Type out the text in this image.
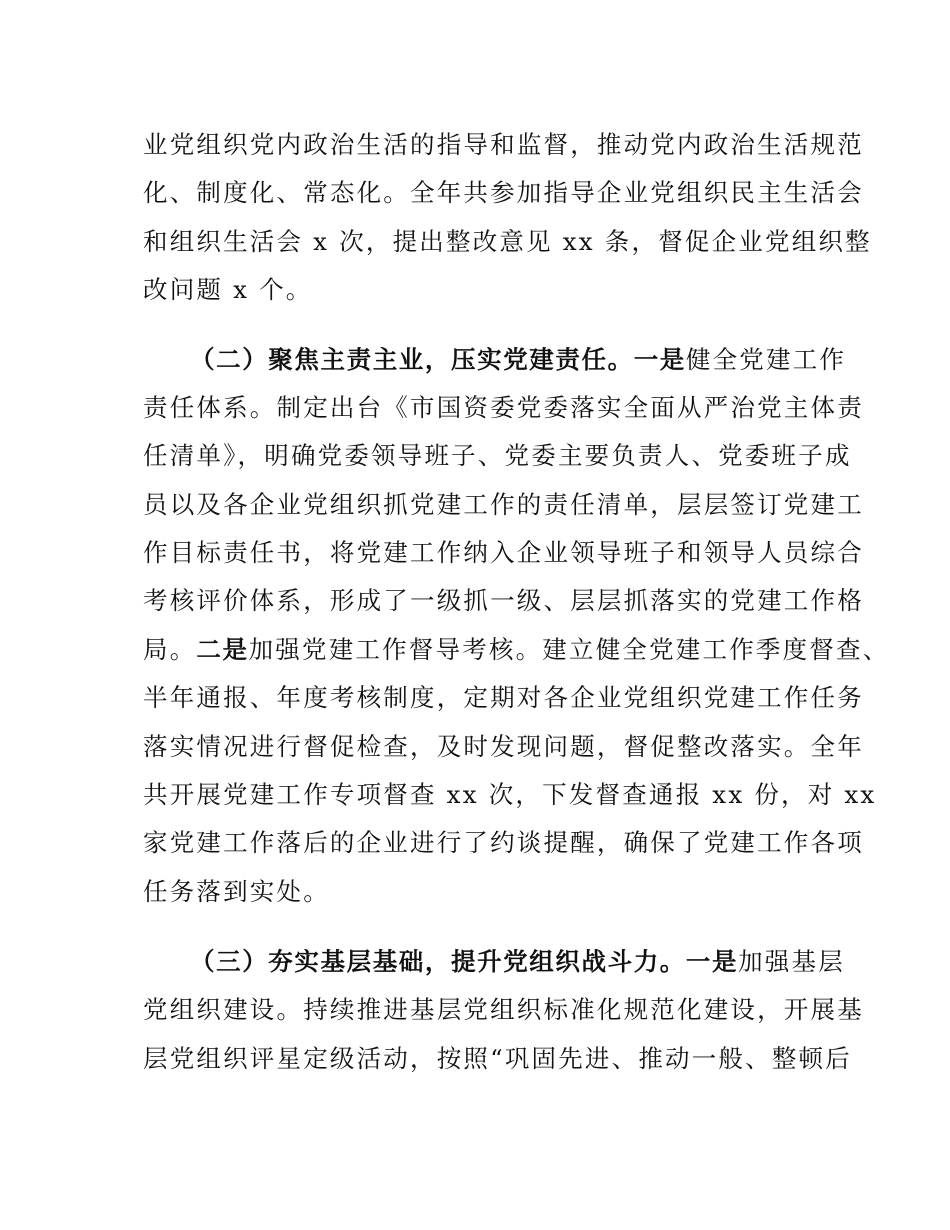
业党组织党内政治生活的指导和监督，推动党内政治生活规范
化、制度化、常态化。全年共参加指导企业党组织民主生活会
和组织生活会 x 次，提出整改意见 xx 条，督促企业党组织整
改问题 x 个。
（二）聚焦主责主业，压实党建责任。一是健全党建工作
责任体系。制定出台《市国资委党委落实全面从严治党主体责
任清单》，明确党委领导班子、党委主要负责人、党委班子成
员以及各企业党组织抓党建工作的责任清单，层层签订党建工
作目标责任书，将党建工作纳入企业领导班子和领导人员综合
考核评价体系，形成了一级抓一级、层层抓落实的党建工作格
局。二是加强党建工作督导考核。建立健全党建工作季度督查、
半年通报、年度考核制度，定期对各企业党组织党建工作任务
落实情况进行督促检查，及时发现问题，督促整改落实。全年
共开展党建工作专项督查 xx 次，下发督查通报 xx 份，对 xx
家党建工作落后的企业进行了约谈提醒，确保了党建工作各项
任务落到实处。
（三）夯实基层基础，提升党组织战斗力。一是加强基层
党组织建设。持续推进基层党组织标准化规范化建设，开展基
层党组织评星定级活动，按照“巩固先进、推动一般、整顿后
